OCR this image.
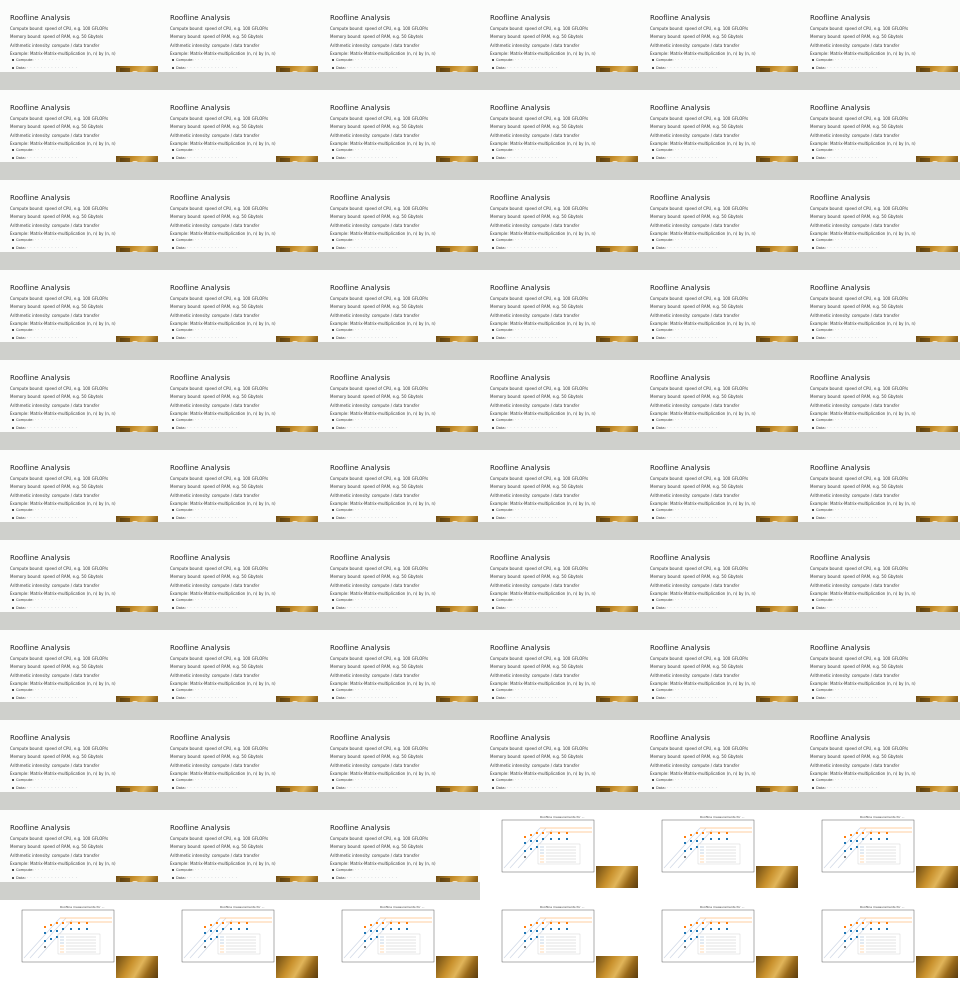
Roofline Analysis
Compute bound: speed of CPU, e.g. 100 GFLOP/s
Memory bound: speed of RAM, e.g. 50 Gbyte/s
Arithmetic intensity: compute / data transfer
Example: Matrix-Matrix-multiplication (n, n) by (n, n)
Compute: · · · · · · · ·
Data: · · · · · · · · · · · · · · ·
Roofline Analysis
Compute bound: speed of CPU, e.g. 100 GFLOP/s
Memory bound: speed of RAM, e.g. 50 Gbyte/s
Arithmetic intensity: compute / data transfer
Example: Matrix-Matrix-multiplication (n, n) by (n, n)
Compute: · · · · · · · ·
Data: · · · · · · · · · · · · · · ·
Roofline Analysis
Compute bound: speed of CPU, e.g. 100 GFLOP/s
Memory bound: speed of RAM, e.g. 50 Gbyte/s
Arithmetic intensity: compute / data transfer
Example: Matrix-Matrix-multiplication (n, n) by (n, n)
Compute: · · · · · · · ·
Data: · · · · · · · · · · · · · · ·
Roofline Analysis
Compute bound: speed of CPU, e.g. 100 GFLOP/s
Memory bound: speed of RAM, e.g. 50 Gbyte/s
Arithmetic intensity: compute / data transfer
Example: Matrix-Matrix-multiplication (n, n) by (n, n)
Compute: · · · · · · · ·
Data: · · · · · · · · · · · · · · ·
Roofline Analysis
Compute bound: speed of CPU, e.g. 100 GFLOP/s
Memory bound: speed of RAM, e.g. 50 Gbyte/s
Arithmetic intensity: compute / data transfer
Example: Matrix-Matrix-multiplication (n, n) by (n, n)
Compute: · · · · · · · ·
Data: · · · · · · · · · · · · · · ·
Roofline Analysis
Compute bound: speed of CPU, e.g. 100 GFLOP/s
Memory bound: speed of RAM, e.g. 50 Gbyte/s
Arithmetic intensity: compute / data transfer
Example: Matrix-Matrix-multiplication (n, n) by (n, n)
Compute: · · · · · · · ·
Data: · · · · · · · · · · · · · · ·
Roofline Analysis
Compute bound: speed of CPU, e.g. 100 GFLOP/s
Memory bound: speed of RAM, e.g. 50 Gbyte/s
Arithmetic intensity: compute / data transfer
Example: Matrix-Matrix-multiplication (n, n) by (n, n)
Compute: · · · · · · · ·
Data: · · · · · · · · · · · · · · ·
Roofline Analysis
Compute bound: speed of CPU, e.g. 100 GFLOP/s
Memory bound: speed of RAM, e.g. 50 Gbyte/s
Arithmetic intensity: compute / data transfer
Example: Matrix-Matrix-multiplication (n, n) by (n, n)
Compute: · · · · · · · ·
Data: · · · · · · · · · · · · · · ·
Roofline Analysis
Compute bound: speed of CPU, e.g. 100 GFLOP/s
Memory bound: speed of RAM, e.g. 50 Gbyte/s
Arithmetic intensity: compute / data transfer
Example: Matrix-Matrix-multiplication (n, n) by (n, n)
Compute: · · · · · · · ·
Data: · · · · · · · · · · · · · · ·
Roofline Analysis
Compute bound: speed of CPU, e.g. 100 GFLOP/s
Memory bound: speed of RAM, e.g. 50 Gbyte/s
Arithmetic intensity: compute / data transfer
Example: Matrix-Matrix-multiplication (n, n) by (n, n)
Compute: · · · · · · · ·
Data: · · · · · · · · · · · · · · ·
Roofline Analysis
Compute bound: speed of CPU, e.g. 100 GFLOP/s
Memory bound: speed of RAM, e.g. 50 Gbyte/s
Arithmetic intensity: compute / data transfer
Example: Matrix-Matrix-multiplication (n, n) by (n, n)
Compute: · · · · · · · ·
Data: · · · · · · · · · · · · · · ·
Roofline Analysis
Compute bound: speed of CPU, e.g. 100 GFLOP/s
Memory bound: speed of RAM, e.g. 50 Gbyte/s
Arithmetic intensity: compute / data transfer
Example: Matrix-Matrix-multiplication (n, n) by (n, n)
Compute: · · · · · · · ·
Data: · · · · · · · · · · · · · · ·
Roofline Analysis
Compute bound: speed of CPU, e.g. 100 GFLOP/s
Memory bound: speed of RAM, e.g. 50 Gbyte/s
Arithmetic intensity: compute / data transfer
Example: Matrix-Matrix-multiplication (n, n) by (n, n)
Compute: · · · · · · · ·
Data: · · · · · · · · · · · · · · ·
Roofline Analysis
Compute bound: speed of CPU, e.g. 100 GFLOP/s
Memory bound: speed of RAM, e.g. 50 Gbyte/s
Arithmetic intensity: compute / data transfer
Example: Matrix-Matrix-multiplication (n, n) by (n, n)
Compute: · · · · · · · ·
Data: · · · · · · · · · · · · · · ·
Roofline Analysis
Compute bound: speed of CPU, e.g. 100 GFLOP/s
Memory bound: speed of RAM, e.g. 50 Gbyte/s
Arithmetic intensity: compute / data transfer
Example: Matrix-Matrix-multiplication (n, n) by (n, n)
Compute: · · · · · · · ·
Data: · · · · · · · · · · · · · · ·
Roofline Analysis
Compute bound: speed of CPU, e.g. 100 GFLOP/s
Memory bound: speed of RAM, e.g. 50 Gbyte/s
Arithmetic intensity: compute / data transfer
Example: Matrix-Matrix-multiplication (n, n) by (n, n)
Compute: · · · · · · · ·
Data: · · · · · · · · · · · · · · ·
Roofline Analysis
Compute bound: speed of CPU, e.g. 100 GFLOP/s
Memory bound: speed of RAM, e.g. 50 Gbyte/s
Arithmetic intensity: compute / data transfer
Example: Matrix-Matrix-multiplication (n, n) by (n, n)
Compute: · · · · · · · ·
Data: · · · · · · · · · · · · · · ·
Roofline Analysis
Compute bound: speed of CPU, e.g. 100 GFLOP/s
Memory bound: speed of RAM, e.g. 50 Gbyte/s
Arithmetic intensity: compute / data transfer
Example: Matrix-Matrix-multiplication (n, n) by (n, n)
Compute: · · · · · · · ·
Data: · · · · · · · · · · · · · · ·
Roofline Analysis
Compute bound: speed of CPU, e.g. 100 GFLOP/s
Memory bound: speed of RAM, e.g. 50 Gbyte/s
Arithmetic intensity: compute / data transfer
Example: Matrix-Matrix-multiplication (n, n) by (n, n)
Compute: · · · · · · · ·
Data: · · · · · · · · · · · · · · ·
Roofline Analysis
Compute bound: speed of CPU, e.g. 100 GFLOP/s
Memory bound: speed of RAM, e.g. 50 Gbyte/s
Arithmetic intensity: compute / data transfer
Example: Matrix-Matrix-multiplication (n, n) by (n, n)
Compute: · · · · · · · ·
Data: · · · · · · · · · · · · · · ·
Roofline Analysis
Compute bound: speed of CPU, e.g. 100 GFLOP/s
Memory bound: speed of RAM, e.g. 50 Gbyte/s
Arithmetic intensity: compute / data transfer
Example: Matrix-Matrix-multiplication (n, n) by (n, n)
Compute: · · · · · · · ·
Data: · · · · · · · · · · · · · · ·
Roofline Analysis
Compute bound: speed of CPU, e.g. 100 GFLOP/s
Memory bound: speed of RAM, e.g. 50 Gbyte/s
Arithmetic intensity: compute / data transfer
Example: Matrix-Matrix-multiplication (n, n) by (n, n)
Compute: · · · · · · · ·
Data: · · · · · · · · · · · · · · ·
Roofline Analysis
Compute bound: speed of CPU, e.g. 100 GFLOP/s
Memory bound: speed of RAM, e.g. 50 Gbyte/s
Arithmetic intensity: compute / data transfer
Example: Matrix-Matrix-multiplication (n, n) by (n, n)
Compute: · · · · · · · ·
Data: · · · · · · · · · · · · · · ·
Roofline Analysis
Compute bound: speed of CPU, e.g. 100 GFLOP/s
Memory bound: speed of RAM, e.g. 50 Gbyte/s
Arithmetic intensity: compute / data transfer
Example: Matrix-Matrix-multiplication (n, n) by (n, n)
Compute: · · · · · · · ·
Data: · · · · · · · · · · · · · · ·
Roofline Analysis
Compute bound: speed of CPU, e.g. 100 GFLOP/s
Memory bound: speed of RAM, e.g. 50 Gbyte/s
Arithmetic intensity: compute / data transfer
Example: Matrix-Matrix-multiplication (n, n) by (n, n)
Compute: · · · · · · · ·
Data: · · · · · · · · · · · · · · ·
Roofline Analysis
Compute bound: speed of CPU, e.g. 100 GFLOP/s
Memory bound: speed of RAM, e.g. 50 Gbyte/s
Arithmetic intensity: compute / data transfer
Example: Matrix-Matrix-multiplication (n, n) by (n, n)
Compute: · · · · · · · ·
Data: · · · · · · · · · · · · · · ·
Roofline Analysis
Compute bound: speed of CPU, e.g. 100 GFLOP/s
Memory bound: speed of RAM, e.g. 50 Gbyte/s
Arithmetic intensity: compute / data transfer
Example: Matrix-Matrix-multiplication (n, n) by (n, n)
Compute: · · · · · · · ·
Data: · · · · · · · · · · · · · · ·
Roofline Analysis
Compute bound: speed of CPU, e.g. 100 GFLOP/s
Memory bound: speed of RAM, e.g. 50 Gbyte/s
Arithmetic intensity: compute / data transfer
Example: Matrix-Matrix-multiplication (n, n) by (n, n)
Compute: · · · · · · · ·
Data: · · · · · · · · · · · · · · ·
Roofline Analysis
Compute bound: speed of CPU, e.g. 100 GFLOP/s
Memory bound: speed of RAM, e.g. 50 Gbyte/s
Arithmetic intensity: compute / data transfer
Example: Matrix-Matrix-multiplication (n, n) by (n, n)
Compute: · · · · · · · ·
Data: · · · · · · · · · · · · · · ·
Roofline Analysis
Compute bound: speed of CPU, e.g. 100 GFLOP/s
Memory bound: speed of RAM, e.g. 50 Gbyte/s
Arithmetic intensity: compute / data transfer
Example: Matrix-Matrix-multiplication (n, n) by (n, n)
Compute: · · · · · · · ·
Data: · · · · · · · · · · · · · · ·
Roofline Analysis
Compute bound: speed of CPU, e.g. 100 GFLOP/s
Memory bound: speed of RAM, e.g. 50 Gbyte/s
Arithmetic intensity: compute / data transfer
Example: Matrix-Matrix-multiplication (n, n) by (n, n)
Compute: · · · · · · · ·
Data: · · · · · · · · · · · · · · ·
Roofline Analysis
Compute bound: speed of CPU, e.g. 100 GFLOP/s
Memory bound: speed of RAM, e.g. 50 Gbyte/s
Arithmetic intensity: compute / data transfer
Example: Matrix-Matrix-multiplication (n, n) by (n, n)
Compute: · · · · · · · ·
Data: · · · · · · · · · · · · · · ·
Roofline Analysis
Compute bound: speed of CPU, e.g. 100 GFLOP/s
Memory bound: speed of RAM, e.g. 50 Gbyte/s
Arithmetic intensity: compute / data transfer
Example: Matrix-Matrix-multiplication (n, n) by (n, n)
Compute: · · · · · · · ·
Data: · · · · · · · · · · · · · · ·
Roofline Analysis
Compute bound: speed of CPU, e.g. 100 GFLOP/s
Memory bound: speed of RAM, e.g. 50 Gbyte/s
Arithmetic intensity: compute / data transfer
Example: Matrix-Matrix-multiplication (n, n) by (n, n)
Compute: · · · · · · · ·
Data: · · · · · · · · · · · · · · ·
Roofline Analysis
Compute bound: speed of CPU, e.g. 100 GFLOP/s
Memory bound: speed of RAM, e.g. 50 Gbyte/s
Arithmetic intensity: compute / data transfer
Example: Matrix-Matrix-multiplication (n, n) by (n, n)
Compute: · · · · · · · ·
Data: · · · · · · · · · · · · · · ·
Roofline Analysis
Compute bound: speed of CPU, e.g. 100 GFLOP/s
Memory bound: speed of RAM, e.g. 50 Gbyte/s
Arithmetic intensity: compute / data transfer
Example: Matrix-Matrix-multiplication (n, n) by (n, n)
Compute: · · · · · · · ·
Data: · · · · · · · · · · · · · · ·
Roofline Analysis
Compute bound: speed of CPU, e.g. 100 GFLOP/s
Memory bound: speed of RAM, e.g. 50 Gbyte/s
Arithmetic intensity: compute / data transfer
Example: Matrix-Matrix-multiplication (n, n) by (n, n)
Compute: · · · · · · · ·
Data: · · · · · · · · · · · · · · ·
Roofline Analysis
Compute bound: speed of CPU, e.g. 100 GFLOP/s
Memory bound: speed of RAM, e.g. 50 Gbyte/s
Arithmetic intensity: compute / data transfer
Example: Matrix-Matrix-multiplication (n, n) by (n, n)
Compute: · · · · · · · ·
Data: · · · · · · · · · · · · · · ·
Roofline Analysis
Compute bound: speed of CPU, e.g. 100 GFLOP/s
Memory bound: speed of RAM, e.g. 50 Gbyte/s
Arithmetic intensity: compute / data transfer
Example: Matrix-Matrix-multiplication (n, n) by (n, n)
Compute: · · · · · · · ·
Data: · · · · · · · · · · · · · · ·
Roofline Analysis
Compute bound: speed of CPU, e.g. 100 GFLOP/s
Memory bound: speed of RAM, e.g. 50 Gbyte/s
Arithmetic intensity: compute / data transfer
Example: Matrix-Matrix-multiplication (n, n) by (n, n)
Compute: · · · · · · · ·
Data: · · · · · · · · · · · · · · ·
Roofline Analysis
Compute bound: speed of CPU, e.g. 100 GFLOP/s
Memory bound: speed of RAM, e.g. 50 Gbyte/s
Arithmetic intensity: compute / data transfer
Example: Matrix-Matrix-multiplication (n, n) by (n, n)
Compute: · · · · · · · ·
Data: · · · · · · · · · · · · · · ·
Roofline Analysis
Compute bound: speed of CPU, e.g. 100 GFLOP/s
Memory bound: speed of RAM, e.g. 50 Gbyte/s
Arithmetic intensity: compute / data transfer
Example: Matrix-Matrix-multiplication (n, n) by (n, n)
Compute: · · · · · · · ·
Data: · · · · · · · · · · · · · · ·
Roofline Analysis
Compute bound: speed of CPU, e.g. 100 GFLOP/s
Memory bound: speed of RAM, e.g. 50 Gbyte/s
Arithmetic intensity: compute / data transfer
Example: Matrix-Matrix-multiplication (n, n) by (n, n)
Compute: · · · · · · · ·
Data: · · · · · · · · · · · · · · ·
Roofline Analysis
Compute bound: speed of CPU, e.g. 100 GFLOP/s
Memory bound: speed of RAM, e.g. 50 Gbyte/s
Arithmetic intensity: compute / data transfer
Example: Matrix-Matrix-multiplication (n, n) by (n, n)
Compute: · · · · · · · ·
Data: · · · · · · · · · · · · · · ·
Roofline Analysis
Compute bound: speed of CPU, e.g. 100 GFLOP/s
Memory bound: speed of RAM, e.g. 50 Gbyte/s
Arithmetic intensity: compute / data transfer
Example: Matrix-Matrix-multiplication (n, n) by (n, n)
Compute: · · · · · · · ·
Data: · · · · · · · · · · · · · · ·
Roofline Analysis
Compute bound: speed of CPU, e.g. 100 GFLOP/s
Memory bound: speed of RAM, e.g. 50 Gbyte/s
Arithmetic intensity: compute / data transfer
Example: Matrix-Matrix-multiplication (n, n) by (n, n)
Compute: · · · · · · · ·
Data: · · · · · · · · · · · · · · ·
Roofline Analysis
Compute bound: speed of CPU, e.g. 100 GFLOP/s
Memory bound: speed of RAM, e.g. 50 Gbyte/s
Arithmetic intensity: compute / data transfer
Example: Matrix-Matrix-multiplication (n, n) by (n, n)
Compute: · · · · · · · ·
Data: · · · · · · · · · · · · · · ·
Roofline Analysis
Compute bound: speed of CPU, e.g. 100 GFLOP/s
Memory bound: speed of RAM, e.g. 50 Gbyte/s
Arithmetic intensity: compute / data transfer
Example: Matrix-Matrix-multiplication (n, n) by (n, n)
Compute: · · · · · · · ·
Data: · · · · · · · · · · · · · · ·
Roofline Analysis
Compute bound: speed of CPU, e.g. 100 GFLOP/s
Memory bound: speed of RAM, e.g. 50 Gbyte/s
Arithmetic intensity: compute / data transfer
Example: Matrix-Matrix-multiplication (n, n) by (n, n)
Compute: · · · · · · · ·
Data: · · · · · · · · · · · · · · ·
Roofline Analysis
Compute bound: speed of CPU, e.g. 100 GFLOP/s
Memory bound: speed of RAM, e.g. 50 Gbyte/s
Arithmetic intensity: compute / data transfer
Example: Matrix-Matrix-multiplication (n, n) by (n, n)
Compute: · · · · · · · ·
Data: · · · · · · · · · · · · · · ·
Roofline Analysis
Compute bound: speed of CPU, e.g. 100 GFLOP/s
Memory bound: speed of RAM, e.g. 50 Gbyte/s
Arithmetic intensity: compute / data transfer
Example: Matrix-Matrix-multiplication (n, n) by (n, n)
Compute: · · · · · · · ·
Data: · · · · · · · · · · · · · · ·
Roofline Analysis
Compute bound: speed of CPU, e.g. 100 GFLOP/s
Memory bound: speed of RAM, e.g. 50 Gbyte/s
Arithmetic intensity: compute / data transfer
Example: Matrix-Matrix-multiplication (n, n) by (n, n)
Compute: · · · · · · · ·
Data: · · · · · · · · · · · · · · ·
Roofline Analysis
Compute bound: speed of CPU, e.g. 100 GFLOP/s
Memory bound: speed of RAM, e.g. 50 Gbyte/s
Arithmetic intensity: compute / data transfer
Example: Matrix-Matrix-multiplication (n, n) by (n, n)
Compute: · · · · · · · ·
Data: · · · · · · · · · · · · · · ·
Roofline Analysis
Compute bound: speed of CPU, e.g. 100 GFLOP/s
Memory bound: speed of RAM, e.g. 50 Gbyte/s
Arithmetic intensity: compute / data transfer
Example: Matrix-Matrix-multiplication (n, n) by (n, n)
Compute: · · · · · · · ·
Data: · · · · · · · · · · · · · · ·
Roofline Analysis
Compute bound: speed of CPU, e.g. 100 GFLOP/s
Memory bound: speed of RAM, e.g. 50 Gbyte/s
Arithmetic intensity: compute / data transfer
Example: Matrix-Matrix-multiplication (n, n) by (n, n)
Compute: · · · · · · · ·
Data: · · · · · · · · · · · · · · ·
Roofline Analysis
Compute bound: speed of CPU, e.g. 100 GFLOP/s
Memory bound: speed of RAM, e.g. 50 Gbyte/s
Arithmetic intensity: compute / data transfer
Example: Matrix-Matrix-multiplication (n, n) by (n, n)
Compute: · · · · · · · ·
Data: · · · · · · · · · · · · · · ·
Roofline Analysis
Compute bound: speed of CPU, e.g. 100 GFLOP/s
Memory bound: speed of RAM, e.g. 50 Gbyte/s
Arithmetic intensity: compute / data transfer
Example: Matrix-Matrix-multiplication (n, n) by (n, n)
Compute: · · · · · · · ·
Data: · · · · · · · · · · · · · · ·
Roofline measurements for ...	Roofline measurements for ...	Roofline measurements for ...
Roofline measurements for ...	Roofline measurements for ...	Roofline measurements for ...	Roofline measurements for ...	Roofline measurements for ...	Roofline measurements for ...
